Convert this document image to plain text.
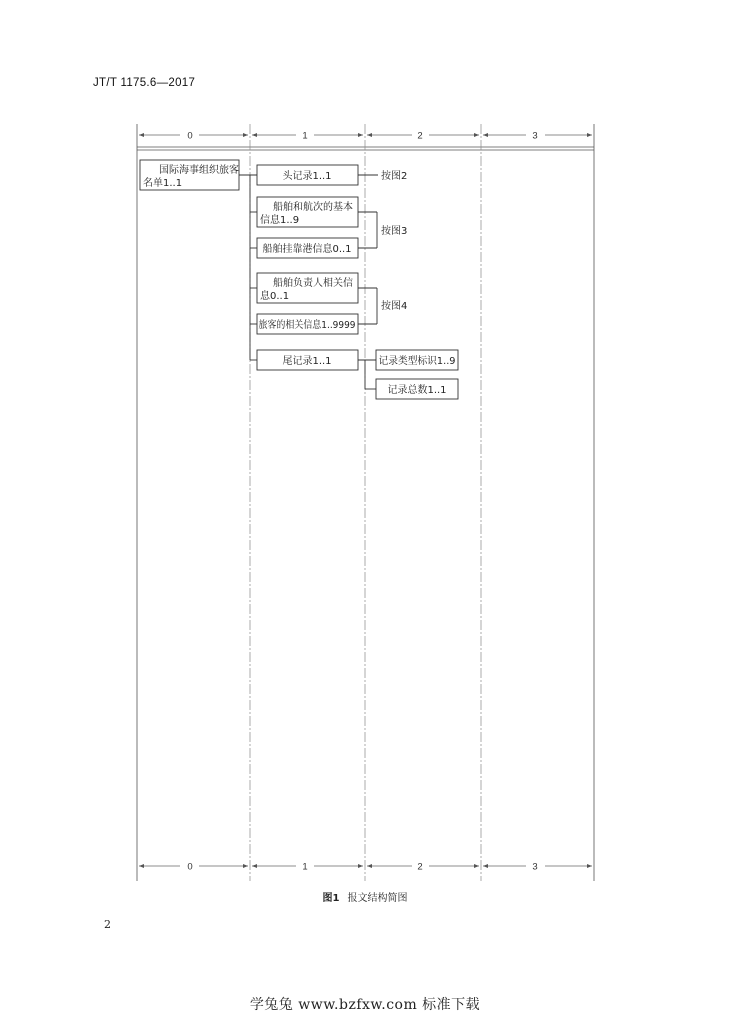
JT/T 1175.6—2017
0	1	2	3
0	1	2	3
国际海事组织旅客
名单1..1
头记录1..1
船舶和航次的基本
信息1..9
船舶挂靠港信息0..1
船舶负责人相关信
息0..1
旅客的相关信息1..9999
尾记录1..1	记录类型标识1..9
记录总数1..1
按图2
按图3
按图4
图1 报文结构简图
2
学兔兔 www.bzfxw.com 标准下载
